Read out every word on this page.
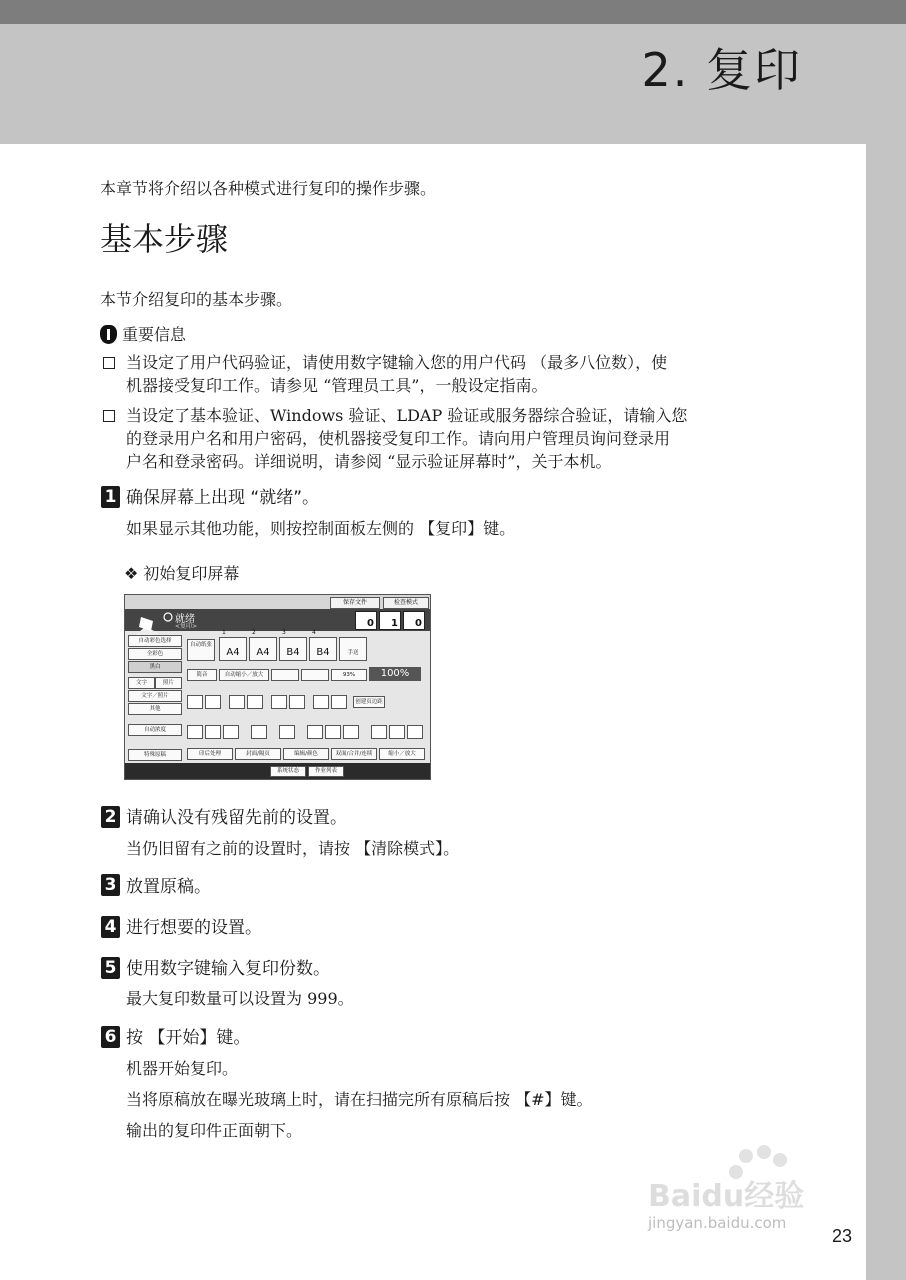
2. 复印
本章节将介绍以各种模式进行复印的操作步骤。
基本步骤
本节介绍复印的基本步骤。
重要信息
当设定了用户代码验证，请使用数字键输入您的用户代码 （最多八位数），使
机器接受复印工作。请参见 “管理员工具”，一般设定指南。
当设定了基本验证、Windows 验证、LDAP 验证或服务器综合验证，请输入您
的登录用户名和用户密码，使机器接受复印工作。请向用户管理员询问登录用
户名和登录密码。详细说明，请参阅 “显示验证屏幕时”，关于本机。
1 确保屏幕上出现 “就绪”。
如果显示其他功能，则按控制面板左侧的 【复印】键。
❖ 初始复印屏幕
保存文件	检查模式
就绪
<复印>	0 1 0
自动彩色选择
全彩色
黑白
文字	照片
文字／照片
其他
自动浓度
特殊原稿
自动纸张
1 A4	2 A4	3 B4	4 B4	手送
简音	自动缩小／放大	93%	100%
创建页边距
印后处理	封面/隔页	编辑/颜色	双面/合并/连续	缩小／放大
系统状态	作业列表
2 请确认没有残留先前的设置。
当仍旧留有之前的设置时，请按 【清除模式】。
3 放置原稿。
4 进行想要的设置。
5 使用数字键输入复印份数。
最大复印数量可以设置为 999。
6 按 【开始】键。
机器开始复印。
当将原稿放在曝光玻璃上时，请在扫描完所有原稿后按 【#】键。
输出的复印件正面朝下。
Baidu经验
jingyan.baidu.com
23
